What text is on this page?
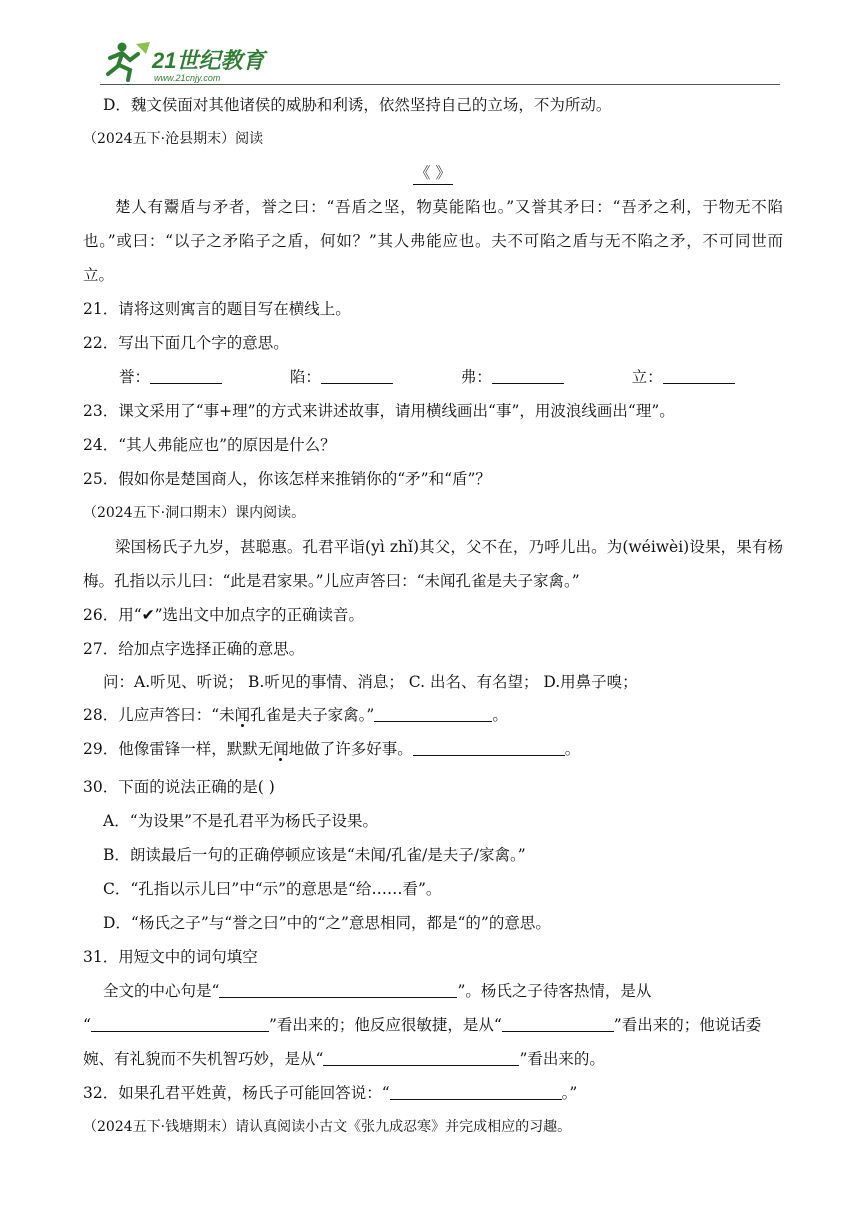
21世纪教育
www.21cnjy.com
D．魏文侯面对其他诸侯的威胁和利诱，依然坚持自己的立场，不为所动。
（2024五下·沧县期末）阅读
《 》
楚人有鬻盾与矛者，誉之曰：“吾盾之坚，物莫能陷也。”又誉其矛曰：“吾矛之利，于物无不陷
也。”或曰：“以子之矛陷子之盾，何如？”其人弗能应也。夫不可陷之盾与无不陷之矛，不可同世而
立。
21．请将这则寓言的题目写在横线上。
22．写出下面几个字的意思。
誉：	陷：	弗：	立：
23．课文采用了“事+理”的方式来讲述故事，请用横线画出“事”，用波浪线画出“理”。
24．“其人弗能应也”的原因是什么？
25．假如你是楚国商人，你该怎样来推销你的“矛”和“盾”？
（2024五下·洞口期末）课内阅读。
梁国杨氏子九岁，甚聪惠。孔君平诣(yì zhǐ)其父，父不在，乃呼儿出。为(wéiwèi)设果，果有杨
梅。孔指以示儿曰：“此是君家果。”儿应声答曰：“未闻孔雀是夫子家禽。”
26．用“✔”选出文中加点字的正确读音。
27．给加点字选择正确的意思。
问：A.听见、听说； B.听见的事情、消息； C. 出名、有名望； D.用鼻子嗅；
28．儿应声答曰：“未闻孔雀是夫子家禽。”	。
29．他像雷锋一样，默默无闻地做了许多好事。	。
30．下面的说法正确的是( )
A．“为设果”不是孔君平为杨氏子设果。
B．朗读最后一句的正确停顿应该是“未闻/孔雀/是夫子/家禽。”
C．“孔指以示儿曰”中“示”的意思是“给……看”。
D．“杨氏之子”与“誉之曰”中的“之”意思相同，都是“的”的意思。
31．用短文中的词句填空
全文的中心句是“	”。杨氏之子待客热情，是从
“	”看出来的；他反应很敏捷，是从“	”看出来的；他说话委
婉、有礼貌而不失机智巧妙，是从“	”看出来的。
32．如果孔君平姓黄，杨氏子可能回答说：“	。”
（2024五下·钱塘期末）请认真阅读小古文《张九成忍寒》并完成相应的习趣。
